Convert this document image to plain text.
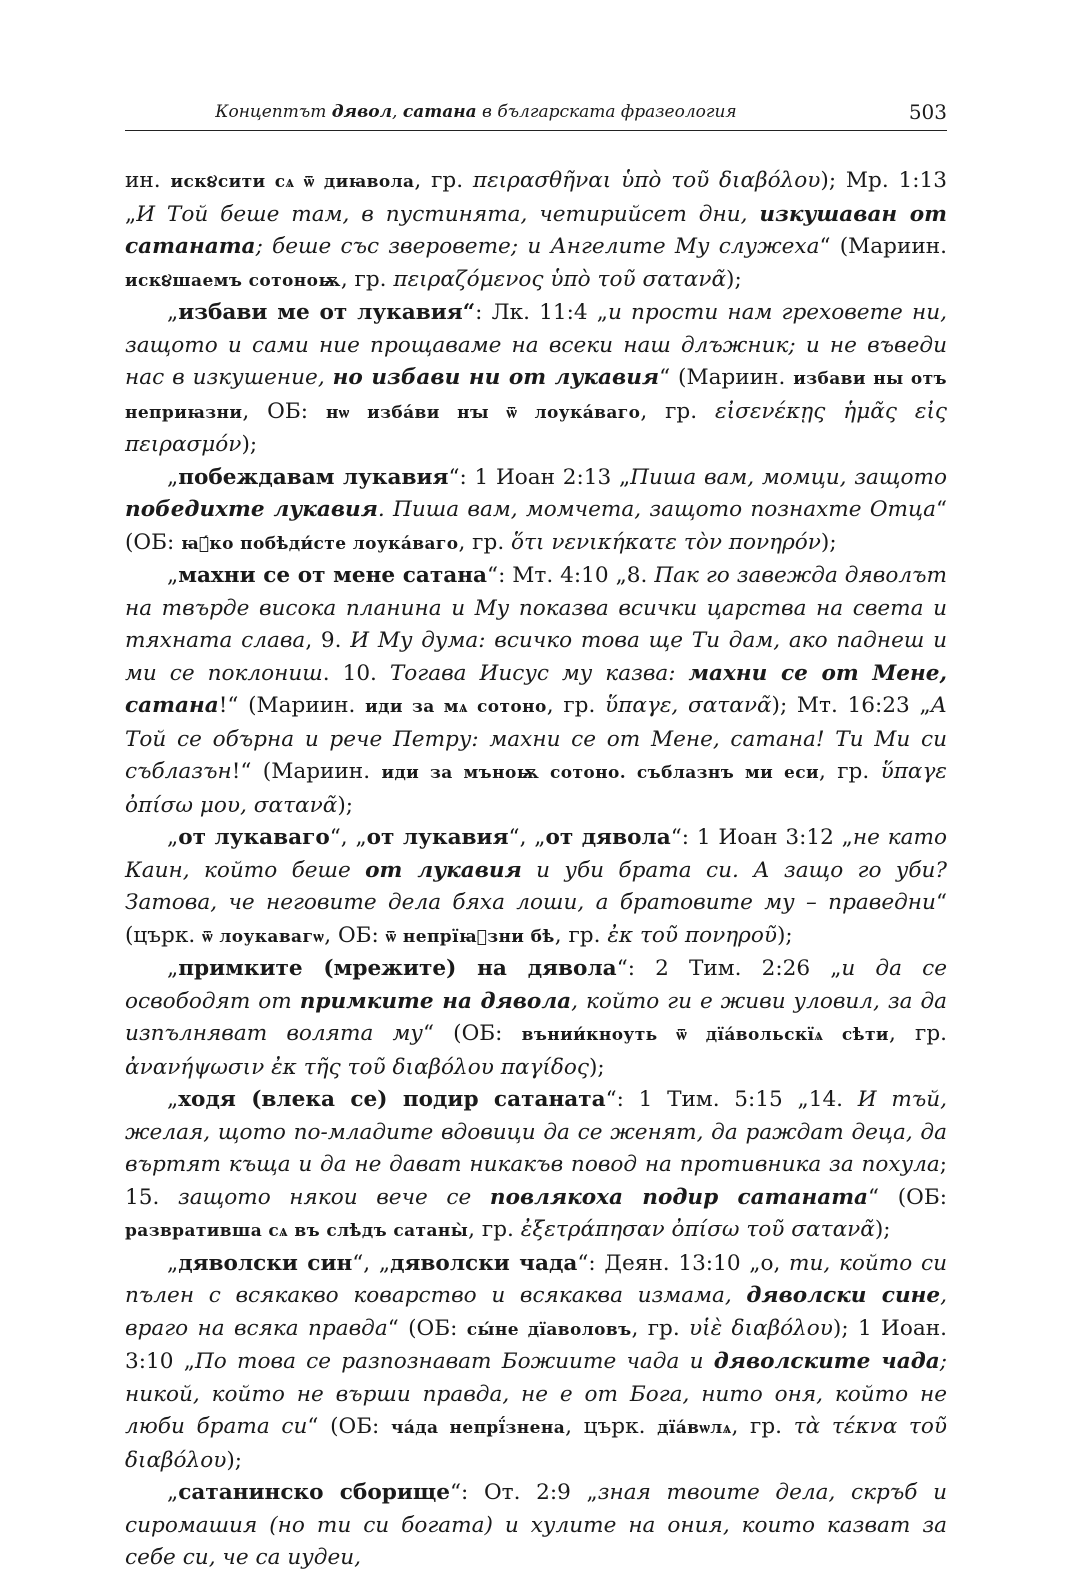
Концептът дявол, сатана в българската фразеология	503

ин. иск૪сити сѧ ѿ диꙗвола, гр. πειρασθῆναι ὑπὸ τοῦ διαβόλου); Мр. 1:13 „И Той беше там, в пустинята, четирийсет дни, изкушаван от сатаната; беше със зверовете; и Ангелите Му служеха“ (Мариин. иск૪шаемъ сотоноѭ, гр. πειραζόμενος ὑπὸ τοῦ σατανᾶ);

„избави ме от лукавия“: Лк. 11:4 „и прости нам греховете ни, защото и сами ние прощаваме на всеки наш длъжник; и не въведи нас в изкушение, но избави ни от лукавия“ (Мариин. избави ны отъ неприꙗзни, ОБ: нѡ избáви нꙑ ѿ лоукáваго, гр. εἰσενέκῃς ἡμᾶς εἰς πειρασμόν);

„побеждавам лукавия“: 1 Иоан 2:13 „Пиша вам, момци, защото победихте лукавия. Пиша вам, момчета, защото познахте Отца“ (ОБ: ꙗ҆́ко побѣди́сте лоукáваго, гр. ὅτι νενικήκατε τὸν πονηρόν);

„махни се от мене сатана“: Мт. 4:10 „8. Пак го завежда дяволът на твърде висока планина и Му показва всички царства на света и тяхната слава, 9. И Му дума: всичко това ще Ти дам, ако паднеш и ми се поклониш. 10. Тогава Иисус му казва: махни се от Мене, сатана!“ (Мариин. иди за мѧ сотоно, гр. ὕπαγε, σατανᾶ); Мт. 16:23 „А Той се обърна и рече Петру: махни се от Мене, сатана! Ти Ми си съблазън!“ (Мариин. иди за мъноѭ сотоно. съблазнъ ми еси, гр. ὕπαγε ὀπίσω μου, σατανᾶ);

„от лукаваго“, „от лукавия“, „от дявола“: 1 Иоан 3:12 „не като Каин, който беше от лукавия и уби брата си. А защо го уби? Затова, че неговите дела бяха лоши, а братовите му – праведни“ (църк. ѿ лоукавагѡ, ОБ: ѿ непрїꙗ҆зни бѣ, гр. ἐκ τοῦ πονηροῦ);

„примките (мрежите) на дявола“: 2 Тим. 2:26 „и да се освободят от примките на дявола, който ги е живи уловил, за да изпълняват волята му“ (ОБ: вънии́кноуть ѿ дїа́вольскїѧ сѣти, гр. ἀνανήψωσιν ἐκ τῆς τοῦ διαβόλου παγίδος);

„ходя (влека се) подир сатаната“: 1 Тим. 5:15 „14. И тъй, желая, щото по-младите вдовици да се женят, да раждат деца, да въртят къща и да не дават никакъв повод на противника за похула; 15. защото някои вече се повлякоха подир сатаната“ (ОБ: развратившa сѧ въ слѣдъ сатаны̀, гр. ἐξετράπησαν ὀπίσω τοῦ σατανᾶ);

„дяволски син“, „дяволски чада“: Деян. 13:10 „о, ти, който си пълен с всякакво коварство и всякаква измама, дяволски сине, враго на всяка правда“ (ОБ: сы́не дїаволовъ, гр. υἱὲ διαβόλου); 1 Иоан. 3:10 „По това се разпознават Божиите чада и дяволските чада; никой, който не върши правда, не е от Бога, нито оня, който не люби брата си“ (ОБ: ча́да непрї́знена, църк. дїа́вѡлѧ, гр. τὰ τέκνα τοῦ διαβόλου);

„сатанинско сборище“: От. 2:9 „зная твоите дела, скръб и сиромашия (но ти си богата) и хулите на ония, които казват за себе си, че са иудеи,
